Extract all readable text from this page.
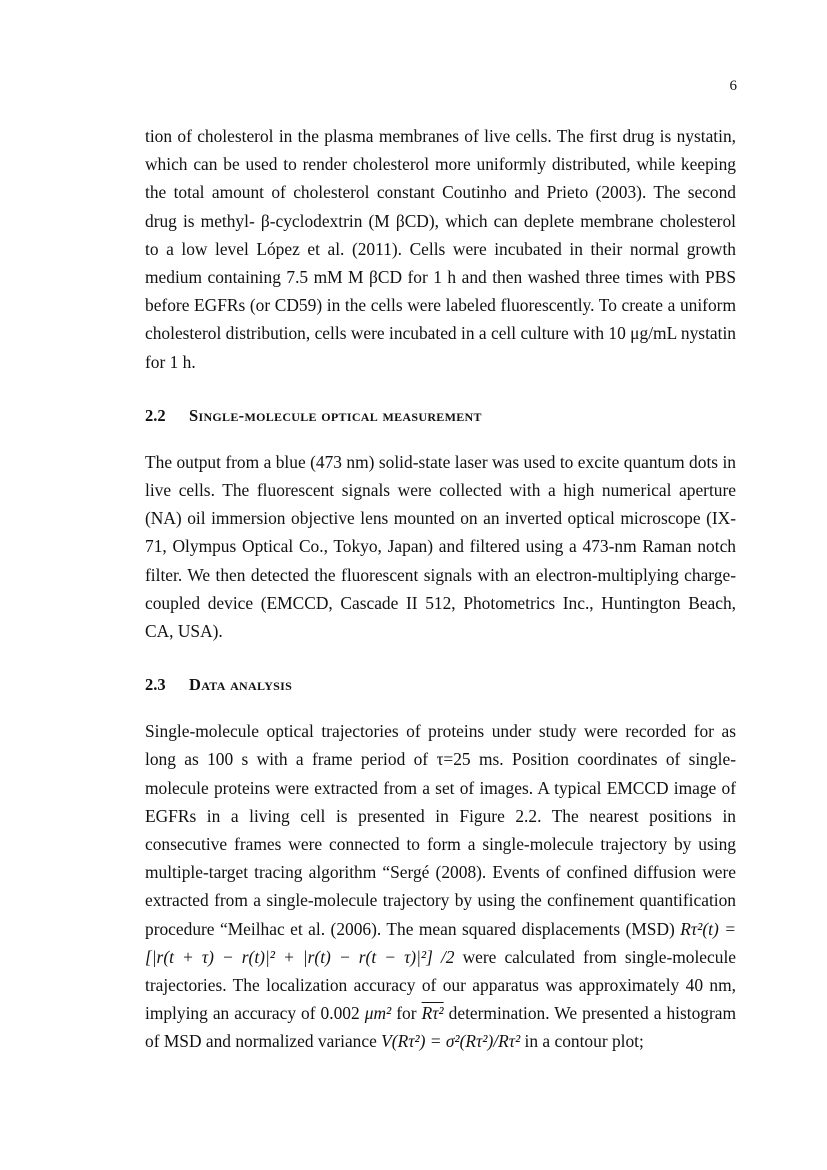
6

tion of cholesterol in the plasma membranes of live cells. The first drug is nystatin, which can be used to render cholesterol more uniformly distributed, while keeping the total amount of cholesterol constant Coutinho and Prieto (2003). The second drug is methyl- β-cyclodextrin (M βCD), which can deplete membrane cholesterol to a low level López et al. (2011). Cells were incubated in their normal growth medium containing 7.5 mM M βCD for 1 h and then washed three times with PBS before EGFRs (or CD59) in the cells were labeled fluorescently. To create a uniform cholesterol distribution, cells were incubated in a cell culture with 10 μg/mL nystatin for 1 h.

2.2 Single-molecule optical measurement

The output from a blue (473 nm) solid-state laser was used to excite quantum dots in live cells. The fluorescent signals were collected with a high numerical aperture (NA) oil immersion objective lens mounted on an inverted optical microscope (IX-71, Olympus Optical Co., Tokyo, Japan) and filtered using a 473-nm Raman notch filter. We then detected the fluorescent signals with an electron-multiplying charge-coupled device (EMCCD, Cascade II 512, Photometrics Inc., Huntington Beach, CA, USA).

2.3 Data analysis

Single-molecule optical trajectories of proteins under study were recorded for as long as 100 s with a frame period of τ=25 ms. Position coordinates of single-molecule proteins were extracted from a set of images. A typical EMCCD image of EGFRs in a living cell is presented in Figure 2.2. The nearest positions in consecutive frames were connected to form a single-molecule trajectory by using multiple-target tracing algorithm “Sergé (2008). Events of confined diffusion were extracted from a single-molecule trajectory by using the confinement quantification procedure “Meilhac et al. (2006). The mean squared displacements (MSD) Rτ²(t) = [|r(t + τ) − r(t)|² + |r(t) − r(t − τ)|²] /2 were calculated from single-molecule trajectories. The localization accuracy of our apparatus was approximately 40 nm, implying an accuracy of 0.002 μm² for Rτ² determination. We presented a histogram of MSD and normalized variance V(Rτ²) = σ²(Rτ²)/Rτ² in a contour plot;
